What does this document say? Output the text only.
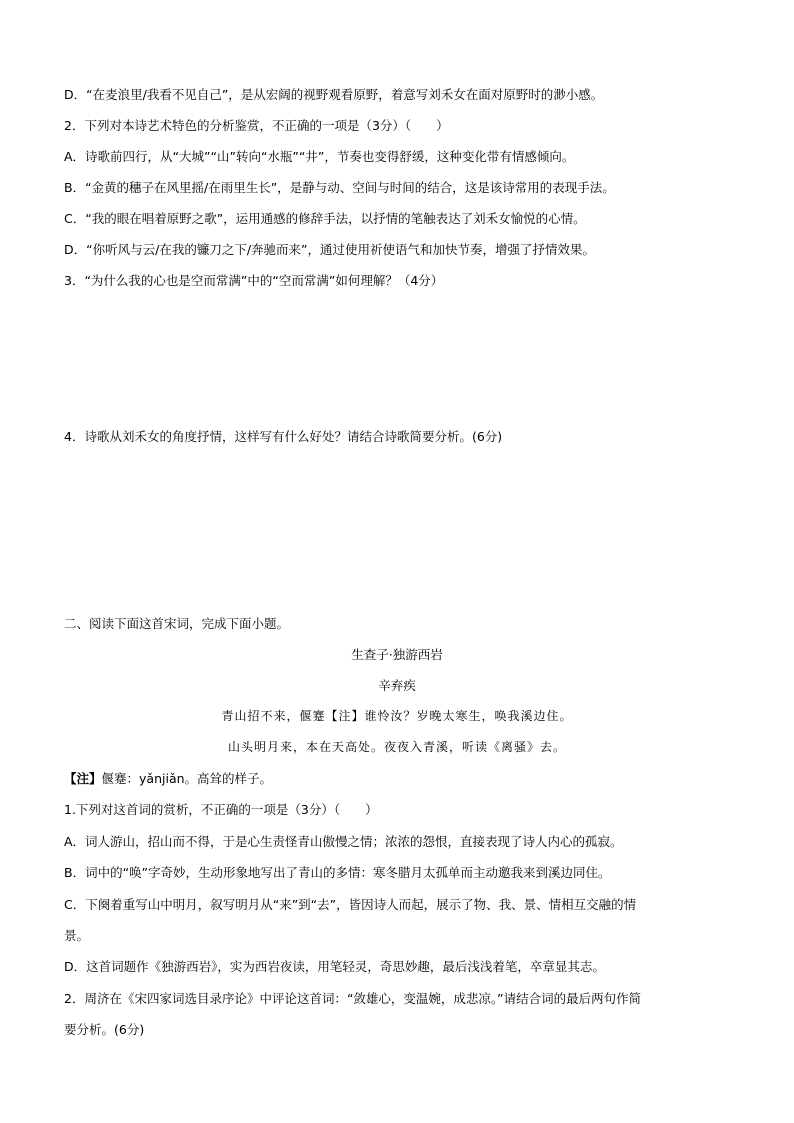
D．“在麦浪里/我看不见自己”，是从宏阔的视野观看原野，着意写刘禾女在面对原野时的渺小感。
2．下列对本诗艺术特色的分析鉴赏，不正确的一项是（3分）（　　）
A．诗歌前四行，从“大城”“山”转向“水瓶”“井”，节奏也变得舒缓，这种变化带有情感倾向。
B．“金黄的穗子在风里摇/在雨里生长”，是静与动、空间与时间的结合，这是该诗常用的表现手法。
C．“我的眼在唱着原野之歌”，运用通感的修辞手法，以抒情的笔触表达了刘禾女愉悦的心情。
D．“你听风与云/在我的镰刀之下/奔驰而来”，通过使用祈使语气和加快节奏，增强了抒情效果。
3．“为什么我的心也是空而常满”中的“空而常满”如何理解？（4分）
4．诗歌从刘禾女的角度抒情，这样写有什么好处？请结合诗歌简要分析。(6分)
二、阅读下面这首宋词，完成下面小题。
生查子·独游西岩
辛弃疾
青山招不来，偃蹇【注】谁怜汝？岁晚太寒生，唤我溪边住。
山头明月来，本在天高处。夜夜入青溪，听读《离骚》去。
【注】偃蹇：yǎnjiǎn。高耸的样子。
1.下列对这首词的赏析，不正确的一项是（3分）（　　）
A．词人游山，招山而不得，于是心生责怪青山傲慢之情；浓浓的怨恨，直接表现了诗人内心的孤寂。
B．词中的“唤”字奇妙，生动形象地写出了青山的多情：寒冬腊月太孤单而主动邀我来到溪边同住。
C．下阕着重写山中明月，叙写明月从“来”到“去”，皆因诗人而起，展示了物、我、景、情相互交融的情
景。
D．这首词题作《独游西岩》，实为西岩夜读，用笔轻灵，奇思妙趣，最后浅浅着笔，卒章显其志。
2．周济在《宋四家词选目录序论》中评论这首词：“敛雄心，变温婉，成悲凉。”请结合词的最后两句作简
要分析。(6分)
